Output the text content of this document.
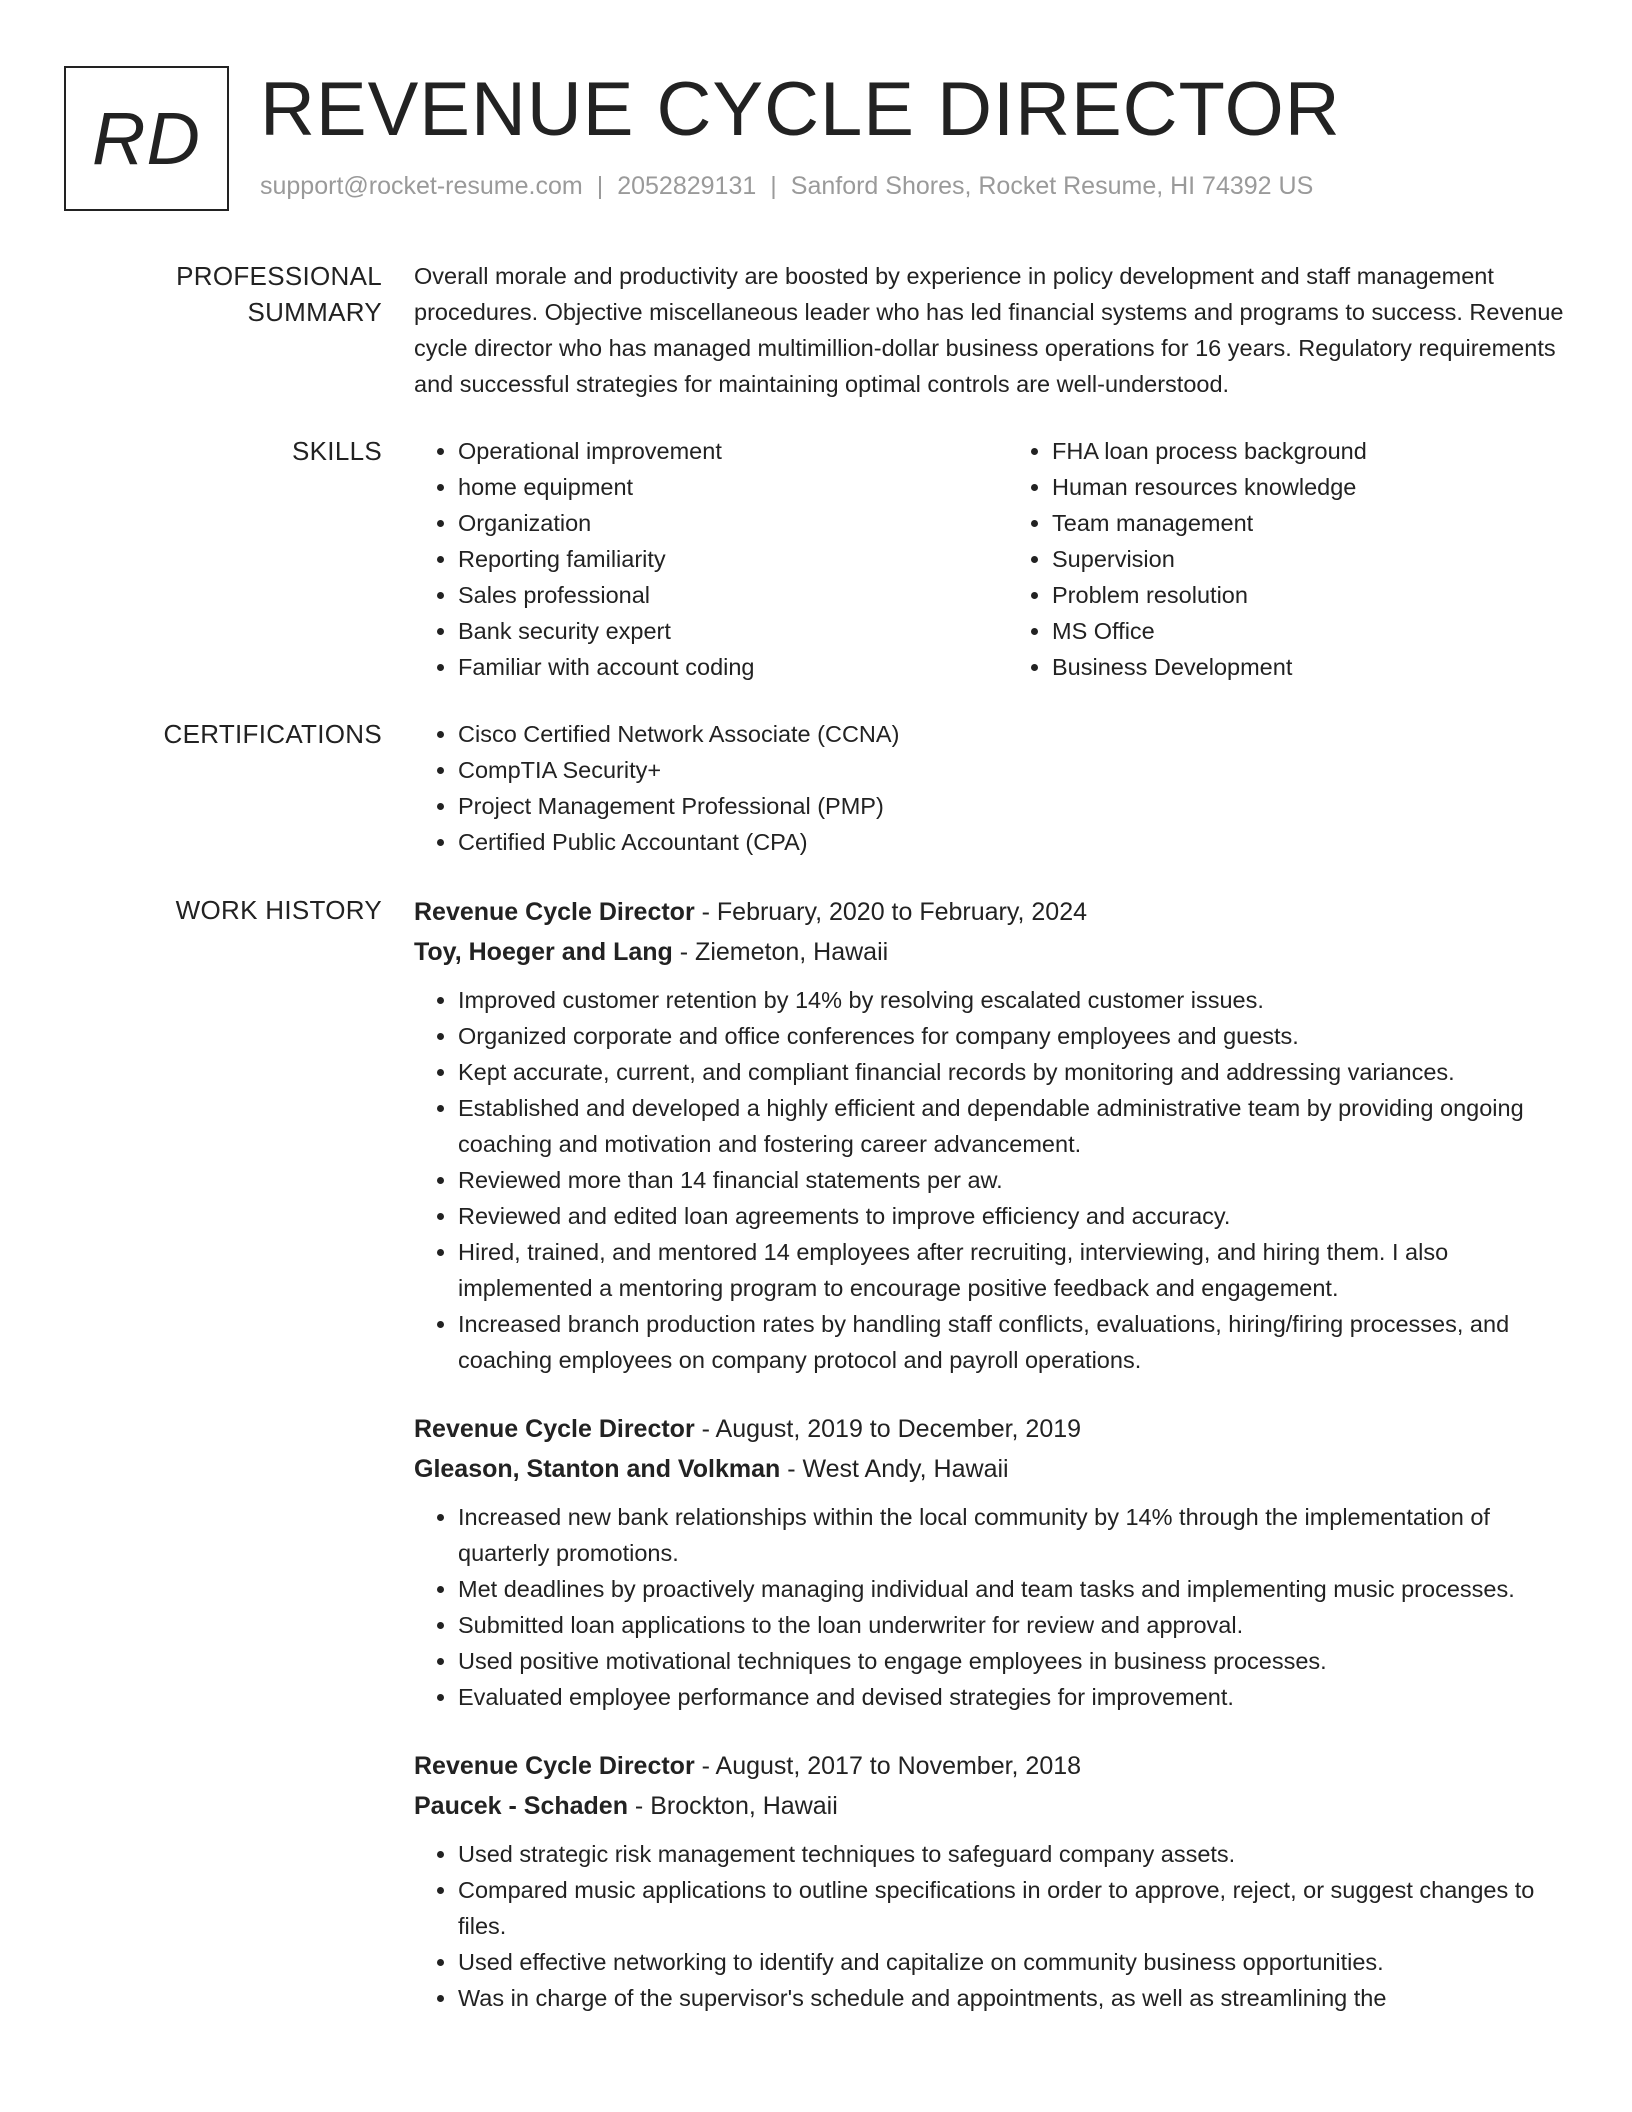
RD REVENUE CYCLE DIRECTOR
support@rocket-resume.com | 2052829131 | Sanford Shores, Rocket Resume, HI 74392 US
PROFESSIONAL SUMMARY

Overall morale and productivity are boosted by experience in policy development and staff management procedures. Objective miscellaneous leader who has led financial systems and programs to success. Revenue cycle director who has managed multimillion-dollar business operations for 16 years. Regulatory requirements and successful strategies for maintaining optimal controls are well-understood.

SKILLS	• Operational improvement
• home equipment
• Organization
• Reporting familiarity
• Sales professional
• Bank security expert
• Familiar with account coding
• FHA loan process background
• Human resources knowledge
• Team management
• Supervision
• Problem resolution
• MS Office
• Business Development
CERTIFICATIONS	• Cisco Certified Network Associate (CCNA)
• CompTIA Security+
• Project Management Professional (PMP)
• Certified Public Accountant (CPA)
WORK HISTORY	Revenue Cycle Director - February, 2020 to February, 2024
Toy, Hoeger and Lang - Ziemeton, Hawaii
• Improved customer retention by 14% by resolving escalated customer issues.
• Organized corporate and office conferences for company employees and guests.
• Kept accurate, current, and compliant financial records by monitoring and addressing variances.
• Established and developed a highly efficient and dependable administrative team by providing ongoing coaching and motivation and fostering career advancement.
• Reviewed more than 14 financial statements per aw.
• Reviewed and edited loan agreements to improve efficiency and accuracy.
• Hired, trained, and mentored 14 employees after recruiting, interviewing, and hiring them. I also implemented a mentoring program to encourage positive feedback and engagement.
• Increased branch production rates by handling staff conflicts, evaluations, hiring/firing processes, and coaching employees on company protocol and payroll operations.
Revenue Cycle Director - August, 2019 to December, 2019
Gleason, Stanton and Volkman - West Andy, Hawaii
• Increased new bank relationships within the local community by 14% through the implementation of quarterly promotions.
• Met deadlines by proactively managing individual and team tasks and implementing music processes.
• Submitted loan applications to the loan underwriter for review and approval.
• Used positive motivational techniques to engage employees in business processes.
• Evaluated employee performance and devised strategies for improvement.
Revenue Cycle Director - August, 2017 to November, 2018
Paucek - Schaden - Brockton, Hawaii
• Used strategic risk management techniques to safeguard company assets.
• Compared music applications to outline specifications in order to approve, reject, or suggest changes to files.
• Used effective networking to identify and capitalize on community business opportunities.
• Was in charge of the supervisor's schedule and appointments, as well as streamlining the
